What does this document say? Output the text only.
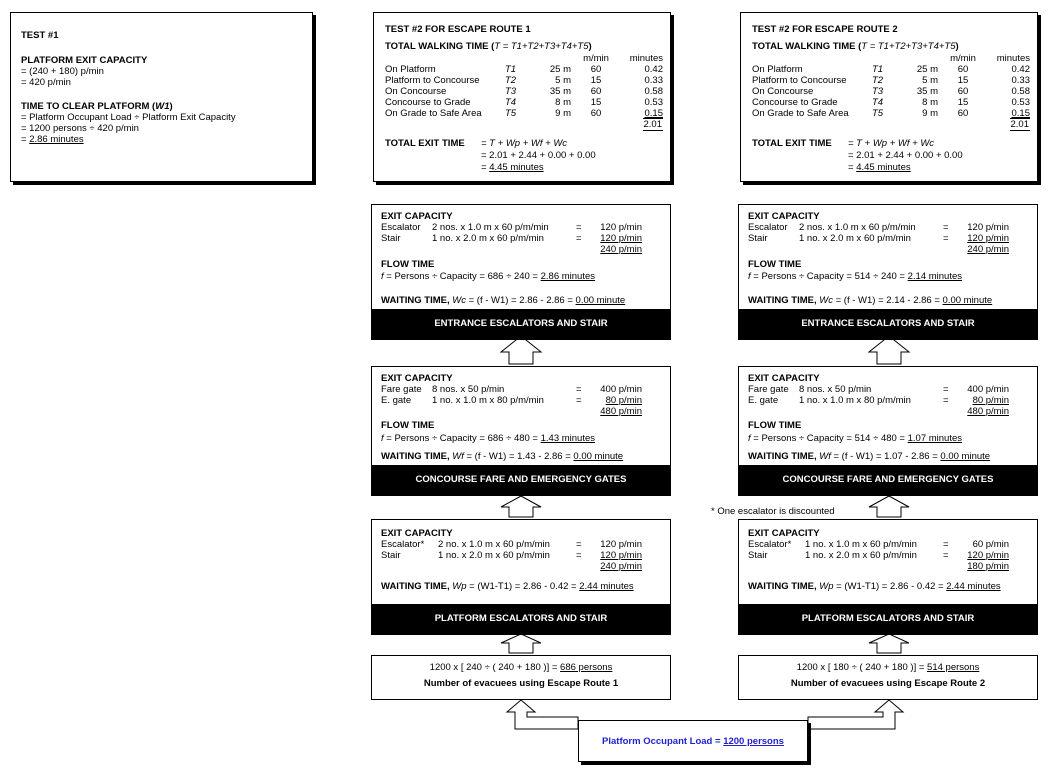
TEST #1
PLATFORM EXIT CAPACITY
= (240 + 180) p/min
= 420 p/min
TIME TO CLEAR PLATFORM (W1)
= Platform Occupant Load ÷ Platform Exit Capacity
= 1200 persons ÷ 420 p/min
= 2.86 minutes
TEST #2 FOR ESCAPE ROUTE 1
TOTAL WALKING TIME (T = T1+T2+T3+T4+T5)
			m/min	minutes
On Platform	T1	25 m	60	0.42
Platform to Concourse	T2	5 m	15	0.33
On Concourse	T3	35 m	60	0.58
Concourse to Grade	T4	8 m	15	0.53
On Grade to Safe Area	T5	9 m	60	0.15
				2.01
TOTAL EXIT TIME = T + Wp + Wf + Wc
= 2.01 + 2.44 + 0.00 + 0.00
= 4.45 minutes
EXIT CAPACITY
Escalator 2 nos. x 1.0 m x 60 p/m/min	=	120 p/min
Stair	1 no. x 2.0 m x 60 p/m/min	=	120 p/min
240 p/min
FLOW TIME
f = Persons ÷ Capacity = 686 ÷ 240 = 2.86 minutes
WAITING TIME, Wc = (f - W1) = 2.86 - 2.86 = 0.00 minute
ENTRANCE ESCALATORS AND STAIR
EXIT CAPACITY
Fare gate 8 nos. x 50 p/min	=	400 p/min
E. gate 1 no. x 1.0 m x 80 p/m/min	=	80 p/min
480 p/min
FLOW TIME
f = Persons ÷ Capacity = 686 ÷ 480 = 1.43 minutes
WAITING TIME, Wf = (f - W1) = 1.43 - 2.86 = 0.00 minute
CONCOURSE FARE AND EMERGENCY GATES
EXIT CAPACITY
Escalator* 2 no. x 1.0 m x 60 p/m/min	=	120 p/min
Stair	1 no. x 2.0 m x 60 p/m/min	=	120 p/min
240 p/min
WAITING TIME, Wp = (W1-T1) = 2.86 - 0.42 = 2.44 minutes
PLATFORM ESCALATORS AND STAIR
1200 x [ 240 ÷ ( 240 + 180 )] = 686 persons
Number of evacuees using Escape Route 1
TEST #2 FOR ESCAPE ROUTE 2
TOTAL WALKING TIME (T = T1+T2+T3+T4+T5)
			m/min	minutes
On Platform	T1	25 m	60	0.42
Platform to Concourse	T2	5 m	15	0.33
On Concourse	T3	35 m	60	0.58
Concourse to Grade	T4	8 m	15	0.53
On Grade to Safe Area	T5	9 m	60	0.15
				2.01
TOTAL EXIT TIME = T + Wp + Wf + Wc
= 2.01 + 2.44 + 0.00 + 0.00
= 4.45 minutes
EXIT CAPACITY
Escalator 2 nos. x 1.0 m x 60 p/m/min	=	120 p/min
Stair	1 no. x 2.0 m x 60 p/m/min	=	120 p/min
240 p/min
FLOW TIME
f = Persons ÷ Capacity = 514 ÷ 240 = 2.14 minutes
WAITING TIME, Wc = (f - W1) = 2.14 - 2.86 = 0.00 minute
ENTRANCE ESCALATORS AND STAIR
EXIT CAPACITY
Fare gate 8 nos. x 50 p/min	=	400 p/min
E. gate 1 no. x 1.0 m x 80 p/m/min	=	80 p/min
480 p/min
FLOW TIME
f = Persons ÷ Capacity = 514 ÷ 480 = 1.07 minutes
WAITING TIME, Wf = (f - W1) = 1.07 - 2.86 = 0.00 minute
CONCOURSE FARE AND EMERGENCY GATES
* One escalator is discounted
EXIT CAPACITY
Escalator* 1 no. x 1.0 m x 60 p/m/min	=	60 p/min
Stair	1 no. x 2.0 m x 60 p/m/min	=	120 p/min
180 p/min
WAITING TIME, Wp = (W1-T1) = 2.86 - 0.42 = 2.44 minutes
PLATFORM ESCALATORS AND STAIR
1200 x [ 180 ÷ ( 240 + 180 )] = 514 persons
Number of evacuees using Escape Route 2
Platform Occupant Load = 1200 persons
